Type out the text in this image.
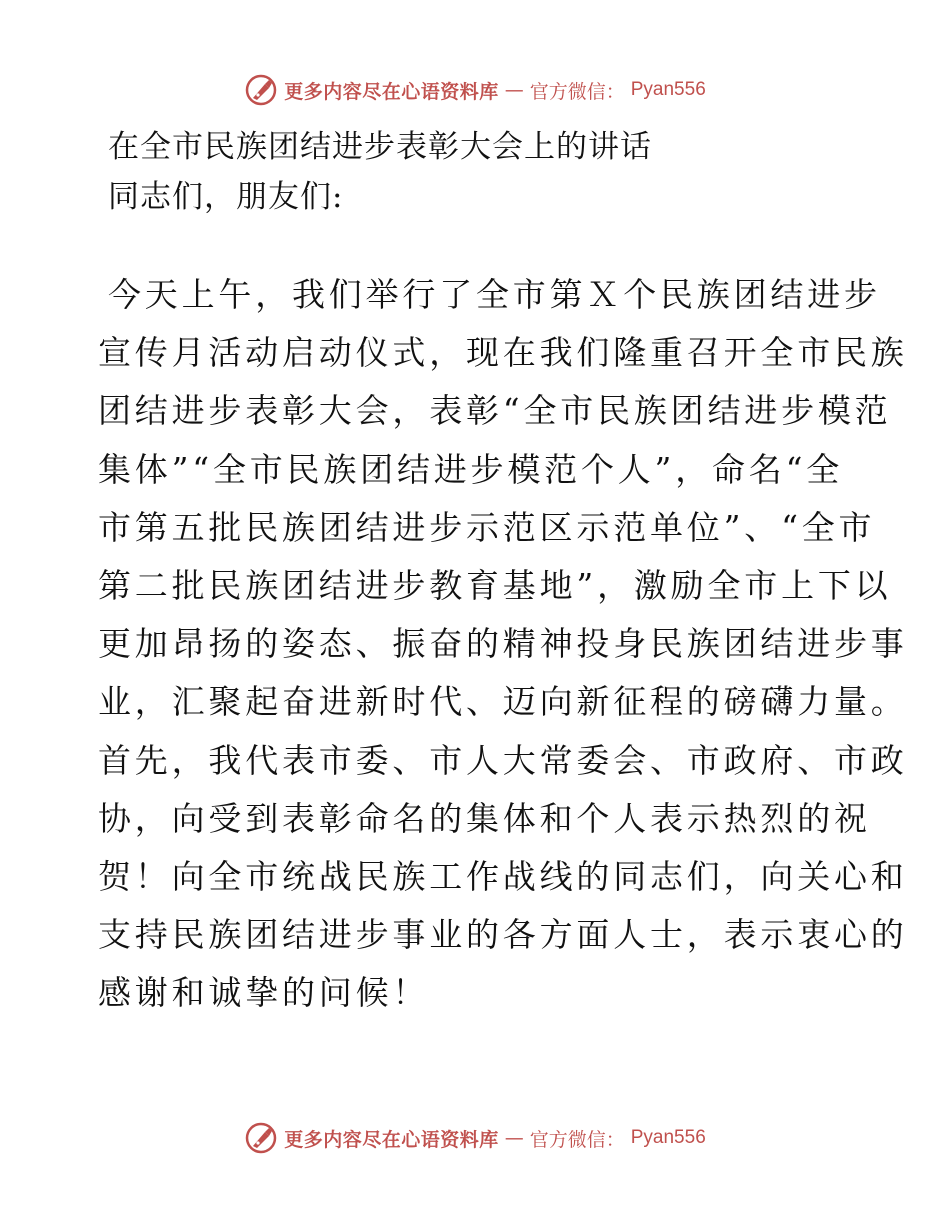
更多内容尽在心语资料库 — 官方微信： Pyan556
在全市民族团结进步表彰大会上的讲话
同志们，朋友们:
今天上午，我们举行了全市第Ｘ个民族团结进步
宣传月活动启动仪式，现在我们隆重召开全市民族
团结进步表彰大会，表彰“全市民族团结进步模范
集体”“全市民族团结进步模范个人”，命名“全
市第五批民族团结进步示范区示范单位”、“全市
第二批民族团结进步教育基地”，激励全市上下以
更加昂扬的姿态、振奋的精神投身民族团结进步事
业，汇聚起奋进新时代、迈向新征程的磅礴力量。
首先，我代表市委、市人大常委会、市政府、市政
协，向受到表彰命名的集体和个人表示热烈的祝
贺！向全市统战民族工作战线的同志们，向关心和
支持民族团结进步事业的各方面人士，表示衷心的
感谢和诚挚的问候！
更多内容尽在心语资料库 — 官方微信： Pyan556
